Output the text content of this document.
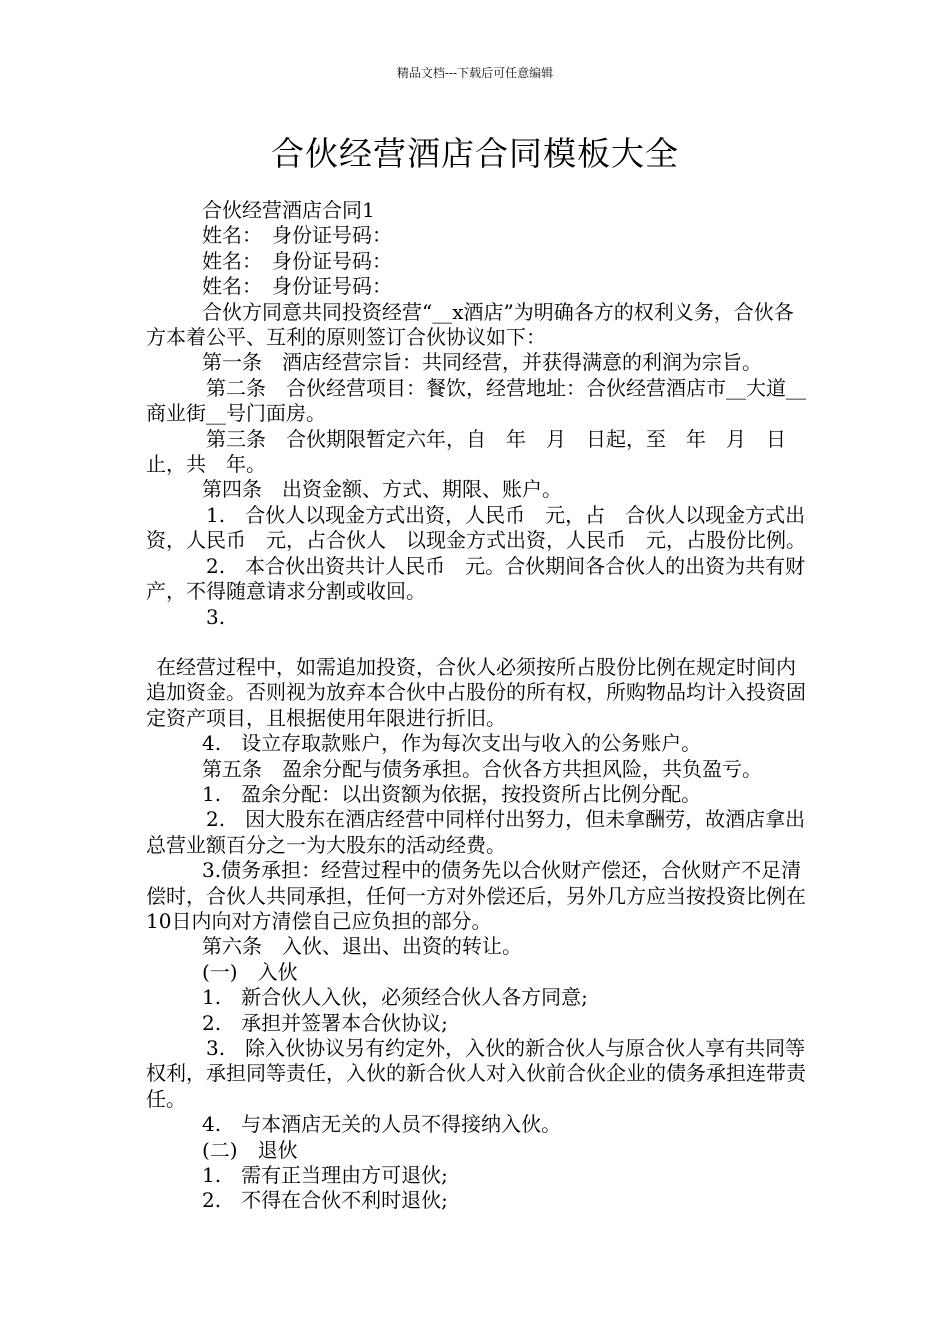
精品文档---下载后可任意编辑
合伙经营酒店合同模板大全

合伙经营酒店合同1

姓名：　身份证号码：

姓名：　身份证号码：

姓名：　身份证号码：

合伙方同意共同投资经营“__x酒店”为明确各方的权利义务，合伙各方本着公平、互利的原则签订合伙协议如下：

第一条　酒店经营宗旨：共同经营，并获得满意的利润为宗旨。

第二条　合伙经营项目：餐饮，经营地址：合伙经营酒店市__大道__商业街__号门面房。

第三条　合伙期限暂定六年，自　年　月　日起，至　年　月　日止，共　年。

第四条　出资金额、方式、期限、账户。

1.　合伙人以现金方式出资，人民币　元，占　合伙人以现金方式出资，人民币　元，占合伙人　以现金方式出资，人民币　元，占股份比例。

2.　本合伙出资共计人民币　元。合伙期间各合伙人的出资为共有财产，不得随意请求分割或收回。

3.

在经营过程中，如需追加投资，合伙人必须按所占股份比例在规定时间内追加资金。否则视为放弃本合伙中占股份的所有权，所购物品均计入投资固定资产项目，且根据使用年限进行折旧。

4.　设立存取款账户，作为每次支出与收入的公务账户。

第五条　盈余分配与债务承担。合伙各方共担风险，共负盈亏。

1.　盈余分配：以出资额为依据，按投资所占比例分配。

2.　因大股东在酒店经营中同样付出努力，但未拿酬劳，故酒店拿出总营业额百分之一为大股东的活动经费。

3.债务承担：经营过程中的债务先以合伙财产偿还，合伙财产不足清偿时，合伙人共同承担，任何一方对外偿还后，另外几方应当按投资比例在10日内向对方清偿自己应负担的部分。

第六条　入伙、退出、出资的转让。

(一)　入伙

1.　新合伙人入伙，必须经合伙人各方同意;

2.　承担并签署本合伙协议;

3.　除入伙协议另有约定外，入伙的新合伙人与原合伙人享有共同等权利，承担同等责任，入伙的新合伙人对入伙前合伙企业的债务承担连带责任。

4.　与本酒店无关的人员不得接纳入伙。

(二)　退伙

1.　需有正当理由方可退伙;

2.　不得在合伙不利时退伙;
